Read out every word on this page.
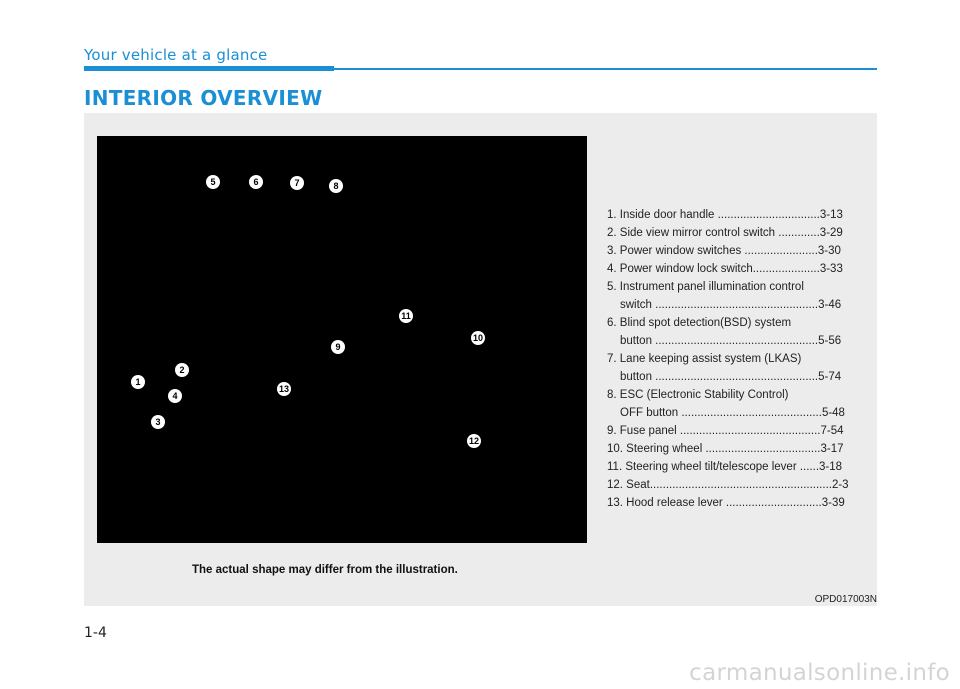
Your vehicle at a glance
INTERIOR OVERVIEW
1
2
3
4
5	6	7	8
9
10
11
12
13
1. Inside door handle ................................3-13
2. Side view mirror control switch .............3-29
3. Power window switches .......................3-30
4. Power window lock switch.....................3-33
5. Instrument panel illumination control
switch ...................................................3-46
6. Blind spot detection(BSD) system
button ...................................................5-56
7. Lane keeping assist system (LKAS)
button ...................................................5-74
8. ESC (Electronic Stability Control)
OFF button ............................................5-48
9. Fuse panel ............................................7-54
10. Steering wheel ....................................3-17
11. Steering wheel tilt/telescope lever ......3-18
12. Seat.........................................................2-3
13. Hood release lever ..............................3-39
The actual shape may differ from the illustration.
OPD017003N
1-4
carmanualsonline.info
